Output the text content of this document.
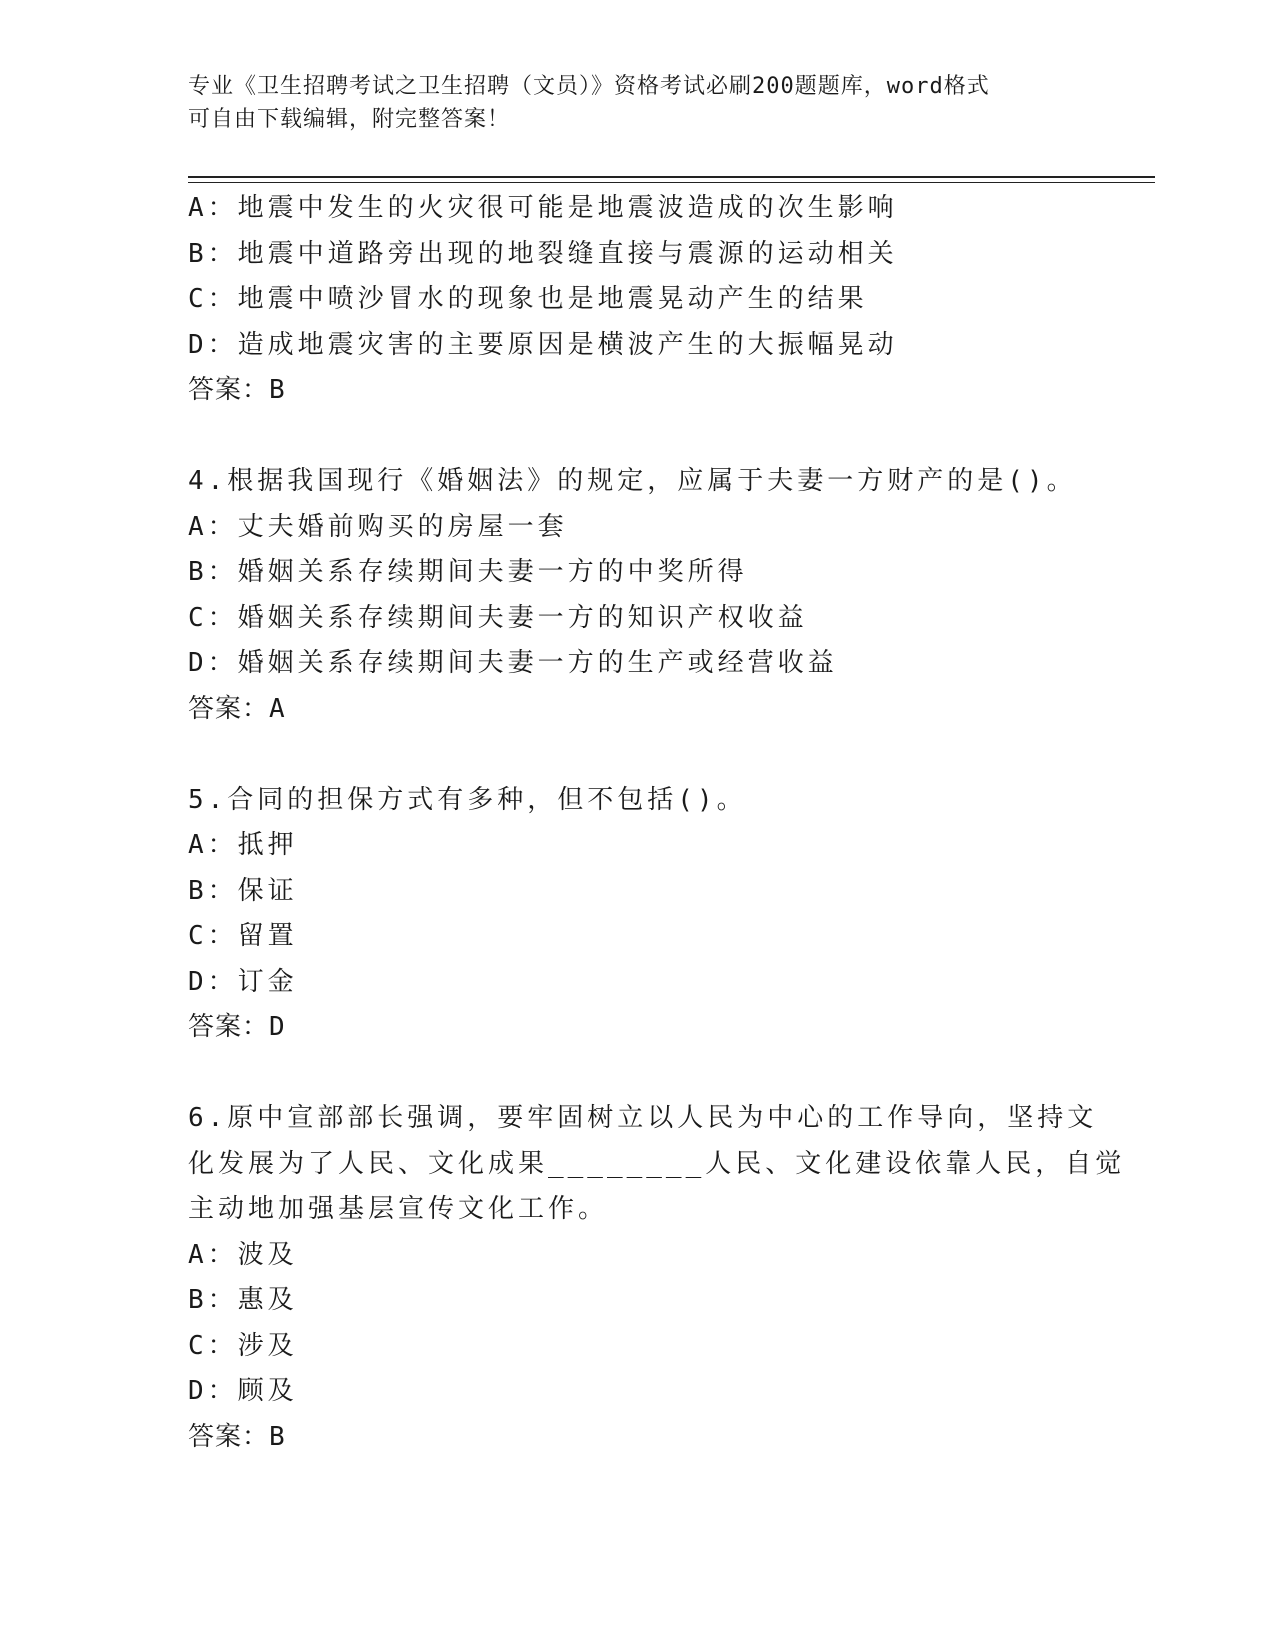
专业《卫生招聘考试之卫生招聘（文员）》资格考试必刷200题题库，word格式
可自由下载编辑，附完整答案！
A：地震中发生的火灾很可能是地震波造成的次生影响
B：地震中道路旁出现的地裂缝直接与震源的运动相关
C：地震中喷沙冒水的现象也是地震晃动产生的结果
D：造成地震灾害的主要原因是横波产生的大振幅晃动
答案：B
4.根据我国现行《婚姻法》的规定，应属于夫妻一方财产的是()。
A：丈夫婚前购买的房屋一套
B：婚姻关系存续期间夫妻一方的中奖所得
C：婚姻关系存续期间夫妻一方的知识产权收益
D：婚姻关系存续期间夫妻一方的生产或经营收益
答案：A
5.合同的担保方式有多种，但不包括()。
A：抵押
B：保证
C：留置
D：订金
答案：D
6.原中宣部部长强调，要牢固树立以人民为中心的工作导向，坚持文
化发展为了人民、文化成果________人民、文化建设依靠人民，自觉
主动地加强基层宣传文化工作。
A：波及
B：惠及
C：涉及
D：顾及
答案：B
